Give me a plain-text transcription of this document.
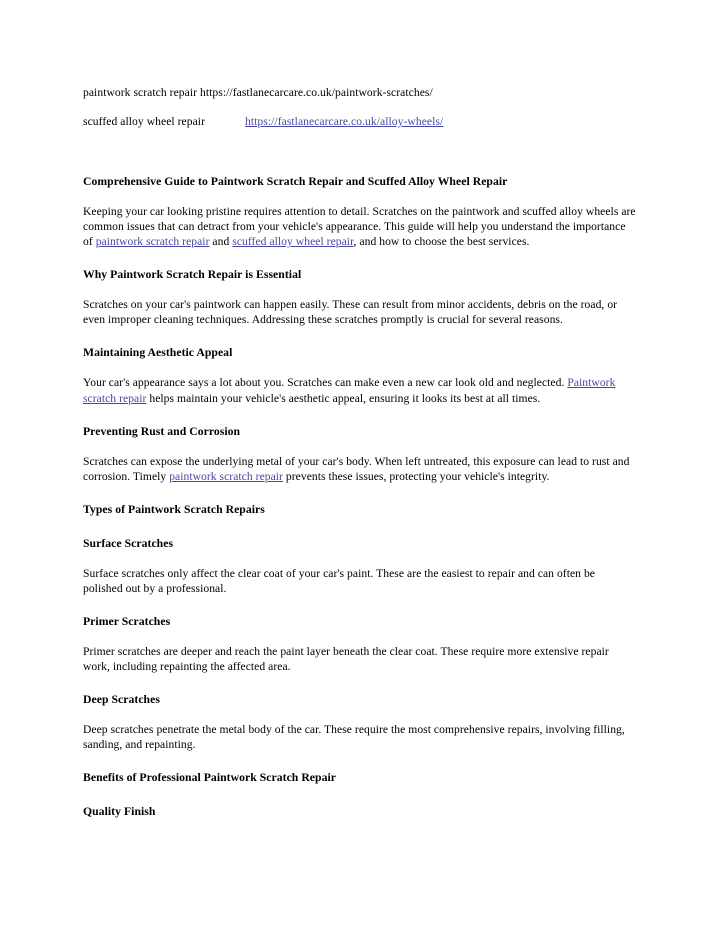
paintwork scratch repair https://fastlanecarcare.co.uk/paintwork-scratches/

scuffed alloy wheel repair	https://fastlanecarcare.co.uk/alloy-wheels/

Comprehensive Guide to Paintwork Scratch Repair and Scuffed Alloy Wheel Repair

Keeping your car looking pristine requires attention to detail. Scratches on the paintwork and scuffed alloy wheels are common issues that can detract from your vehicle's appearance. This guide will help you understand the importance of paintwork scratch repair and scuffed alloy wheel repair, and how to choose the best services.

Why Paintwork Scratch Repair is Essential

Scratches on your car's paintwork can happen easily. These can result from minor accidents, debris on the road, or even improper cleaning techniques. Addressing these scratches promptly is crucial for several reasons.

Maintaining Aesthetic Appeal

Your car's appearance says a lot about you. Scratches can make even a new car look old and neglected. Paintwork scratch repair helps maintain your vehicle's aesthetic appeal, ensuring it looks its best at all times.

Preventing Rust and Corrosion

Scratches can expose the underlying metal of your car's body. When left untreated, this exposure can lead to rust and corrosion. Timely paintwork scratch repair prevents these issues, protecting your vehicle's integrity.

Types of Paintwork Scratch Repairs
Surface Scratches

Surface scratches only affect the clear coat of your car's paint. These are the easiest to repair and can often be polished out by a professional.

Primer Scratches

Primer scratches are deeper and reach the paint layer beneath the clear coat. These require more extensive repair work, including repainting the affected area.

Deep Scratches

Deep scratches penetrate the metal body of the car. These require the most comprehensive repairs, involving filling, sanding, and repainting.

Benefits of Professional Paintwork Scratch Repair
Quality Finish
